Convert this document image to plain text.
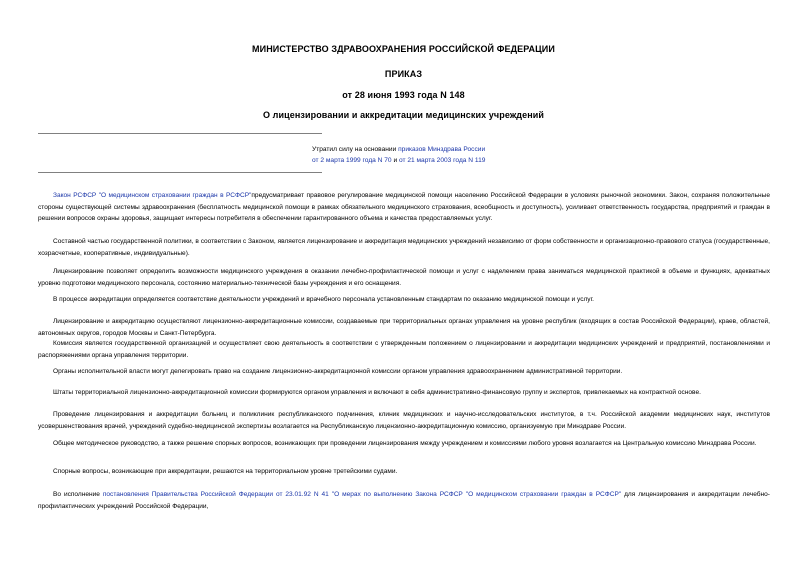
МИНИСТЕРСТВО ЗДРАВООХРАНЕНИЯ РОССИЙСКОЙ ФЕДЕРАЦИИ
ПРИКАЗ
от 28 июня 1993 года N 148
О лицензировании и аккредитации медицинских учреждений
Утратил силу на основании приказов Минздрава России
от 2 марта 1999 года N 70 и от 21 марта 2003 года N 119

Закон РСФСР "О медицинском страховании граждан в РСФСР"предусматривает правовое регулирование медицинской помощи населению Российской Федерации в условиях рыночной экономики. Закон, сохраняя положительные стороны существующей системы здравоохранения (бесплатность медицинской помощи в рамках обязательного медицинского страхования, всеобщность и доступность), усиливает ответственность государства, предприятий и граждан в решении вопросов охраны здоровья, защищает интересы потребителя в обеспечении гарантированного объема и качества предоставляемых услуг.

Составной частью государственной политики, в соответствии с Законом, является лицензирование и аккредитация медицинских учреждений независимо от форм собственности и организационно-правового статуса (государственные, хозрасчетные, кооперативные, индивидуальные).

Лицензирование позволяет определить возможности медицинского учреждения в оказании лечебно-профилактической помощи и услуг с наделением права заниматься медицинской практикой в объеме и функциях, адекватных уровню подготовки медицинского персонала, состоянию материально-технической базы учреждения и его оснащения.

В процессе аккредитации определяется соответствие деятельности учреждений и врачебного персонала установленным стандартам по оказанию медицинской помощи и услуг.

Лицензирование и аккредитацию осуществляют лицензионно-аккредитационные комиссии, создаваемые при территориальных органах управления на уровне республик (входящих в состав Российской Федерации), краев, областей, автономных округов, городов Москвы и Санкт-Петербурга.

Комиссия является государственной организацией и осуществляет свою деятельность в соответствии с утвержденным положением о лицензировании и аккредитации медицинских учреждений и предприятий, постановлениями и распоряжениями органа управления территории.

Органы исполнительной власти могут делегировать право на создание лицензионно-аккредитационной комиссии органом управления здравоохранением административной территории.

Штаты территориальной лицензионно-аккредитационной комиссии формируются органом управления и включают в себя административно-финансовую группу и экспертов, привлекаемых на контрактной основе.

Проведение лицензирования и аккредитации больниц и поликлиник республиканского подчинения, клиник медицинских и научно-исследовательских институтов, в т.ч. Российской академии медицинских наук, институтов усовершенствования врачей, учреждений судебно-медицинской экспертизы возлагается на Республиканскую лицензионно-аккредитационную комиссию, организуемую при Минздраве России.

Общее методическое руководство, а также решение спорных вопросов, возникающих при проведении лицензирования между учреждением и комиссиями любого уровня возлагается на Центральную комиссию Минздрава России.

Спорные вопросы, возникающие при аккредитации, решаются на территориальном уровне третейскими судами.

Во исполнение постановления Правительства Российской Федерации от 23.01.92 N 41 "О мерах по выполнению Закона РСФСР "О медицинском страховании граждан в РСФСР" для лицензирования и аккредитации лечебно-профилактических учреждений Российской Федерации,
